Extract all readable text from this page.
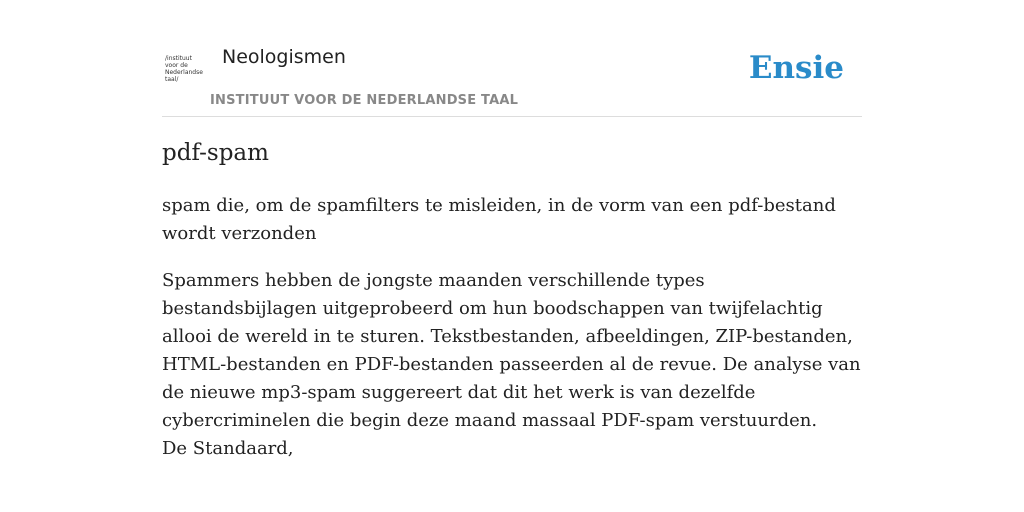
/instituut
voor de
Nederlandse
taal/
Neologismen
INSTITUUT VOOR DE NEDERLANDSE TAAL
Ensie
pdf-spam
spam die, om de spamfilters te misleiden, in de vorm van een pdf-bestand wordt verzonden
Spammers hebben de jongste maanden verschillende types bestandsbijlagen uitgeprobeerd om hun boodschappen van twijfelachtig allooi de wereld in te sturen. Tekstbestanden, afbeeldingen, ZIP-bestanden, HTML-bestanden en PDF-bestanden passeerden al de revue. De analyse van de nieuwe mp3-spam suggereert dat dit het werk is van dezelfde cybercriminelen die begin deze maand massaal PDF-spam verstuurden.
De Standaard,
